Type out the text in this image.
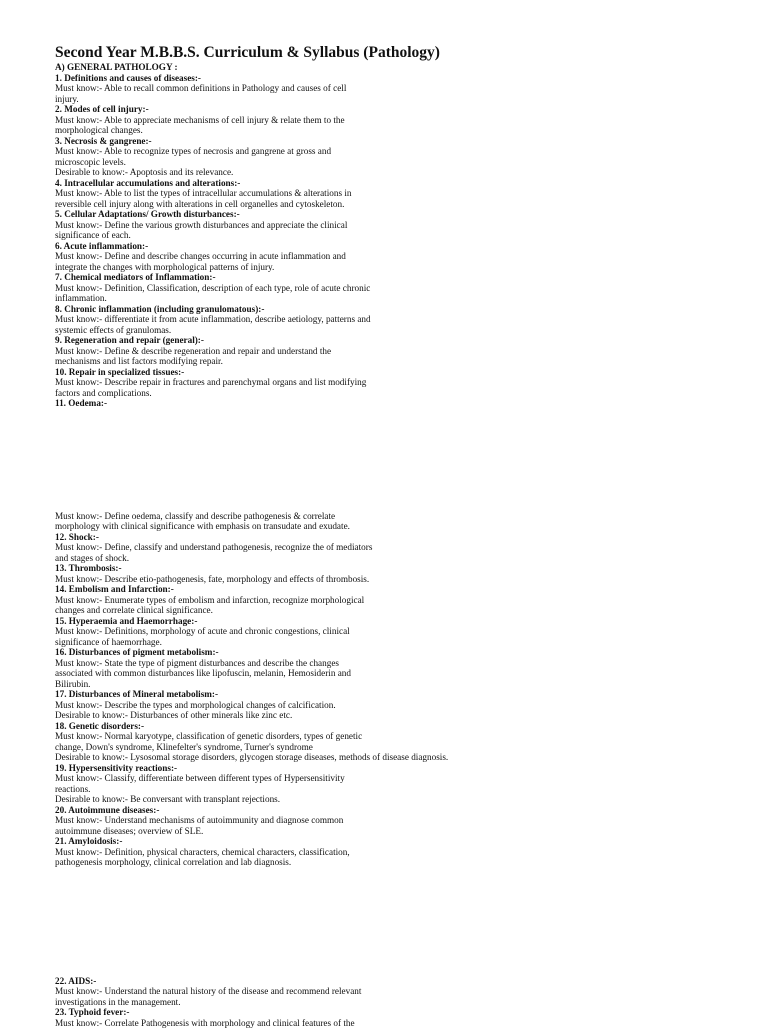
Second Year M.B.B.S. Curriculum & Syllabus (Pathology)
A) GENERAL PATHOLOGY :
1. Definitions and causes of diseases:-
Must know:- Able to recall common definitions in Pathology and causes of cell
injury.
2. Modes of cell injury:-
Must know:- Able to appreciate mechanisms of cell injury & relate them to the
morphological changes.
3. Necrosis & gangrene:-
Must know:- Able to recognize types of necrosis and gangrene at gross and
microscopic levels.
Desirable to know:- Apoptosis and its relevance.
4. Intracellular accumulations and alterations:-
Must know:- Able to list the types of intracellular accumulations & alterations in
reversible cell injury along with alterations in cell organelles and cytoskeleton.
5. Cellular Adaptations/ Growth disturbances:-
Must know:- Define the various growth disturbances and appreciate the clinical
significance of each.
6. Acute inflammation:-
Must know:- Define and describe changes occurring in acute inflammation and
integrate the changes with morphological patterns of injury.
7. Chemical mediators of Inflammation:-
Must know:- Definition, Classification, description of each type, role of acute chronic
inflammation.
8. Chronic inflammation (including granulomatous):-
Must know:- differentiate it from acute inflammation, describe aetiology, patterns and
systemic effects of granulomas.
9. Regeneration and repair (general):-
Must know:- Define & describe regeneration and repair and understand the
mechanisms and list factors modifying repair.
10. Repair in specialized tissues:-
Must know:- Describe repair in fractures and parenchymal organs and list modifying
factors and complications.
11. Oedema:-
Must know:- Define oedema, classify and describe pathogenesis & correlate
morphology with clinical significance with emphasis on transudate and exudate.
12. Shock:-
Must know:- Define, classify and understand pathogenesis, recognize the of mediators
and stages of shock.
13. Thrombosis:-
Must know:- Describe etio-pathogenesis, fate, morphology and effects of thrombosis.
14. Embolism and Infarction:-
Must know:- Enumerate types of embolism and infarction, recognize morphological
changes and correlate clinical significance.
15. Hyperaemia and Haemorrhage:-
Must know:- Definitions, morphology of acute and chronic congestions, clinical
significance of haemorrhage.
16. Disturbances of pigment metabolism:-
Must know:- State the type of pigment disturbances and describe the changes
associated with common disturbances like lipofuscin, melanin, Hemosiderin and
Bilirubin.
17. Disturbances of Mineral metabolism:-
Must know:- Describe the types and morphological changes of calcification.
Desirable to know:- Disturbances of other minerals like zinc etc.
18. Genetic disorders:-
Must know:- Normal karyotype, classification of genetic disorders, types of genetic
change, Down's syndrome, Klinefelter's syndrome, Turner's syndrome
Desirable to know:- Lysosomal storage disorders, glycogen storage diseases, methods of disease diagnosis.
19. Hypersensitivity reactions:-
Must know:- Classify, differentiate between different types of Hypersensitivity
reactions.
Desirable to know:- Be conversant with transplant rejections.
20. Autoimmune diseases:-
Must know:- Understand mechanisms of autoimmunity and diagnose common
autoimmune diseases; overview of SLE.
21. Amyloidosis:-
Must know:- Definition, physical characters, chemical characters, classification,
pathogenesis morphology, clinical correlation and lab diagnosis.
22. AIDS:-
Must know:- Understand the natural history of the disease and recommend relevant
investigations in the management.
23. Typhoid fever:-
Must know:- Correlate Pathogenesis with morphology and clinical features of the
